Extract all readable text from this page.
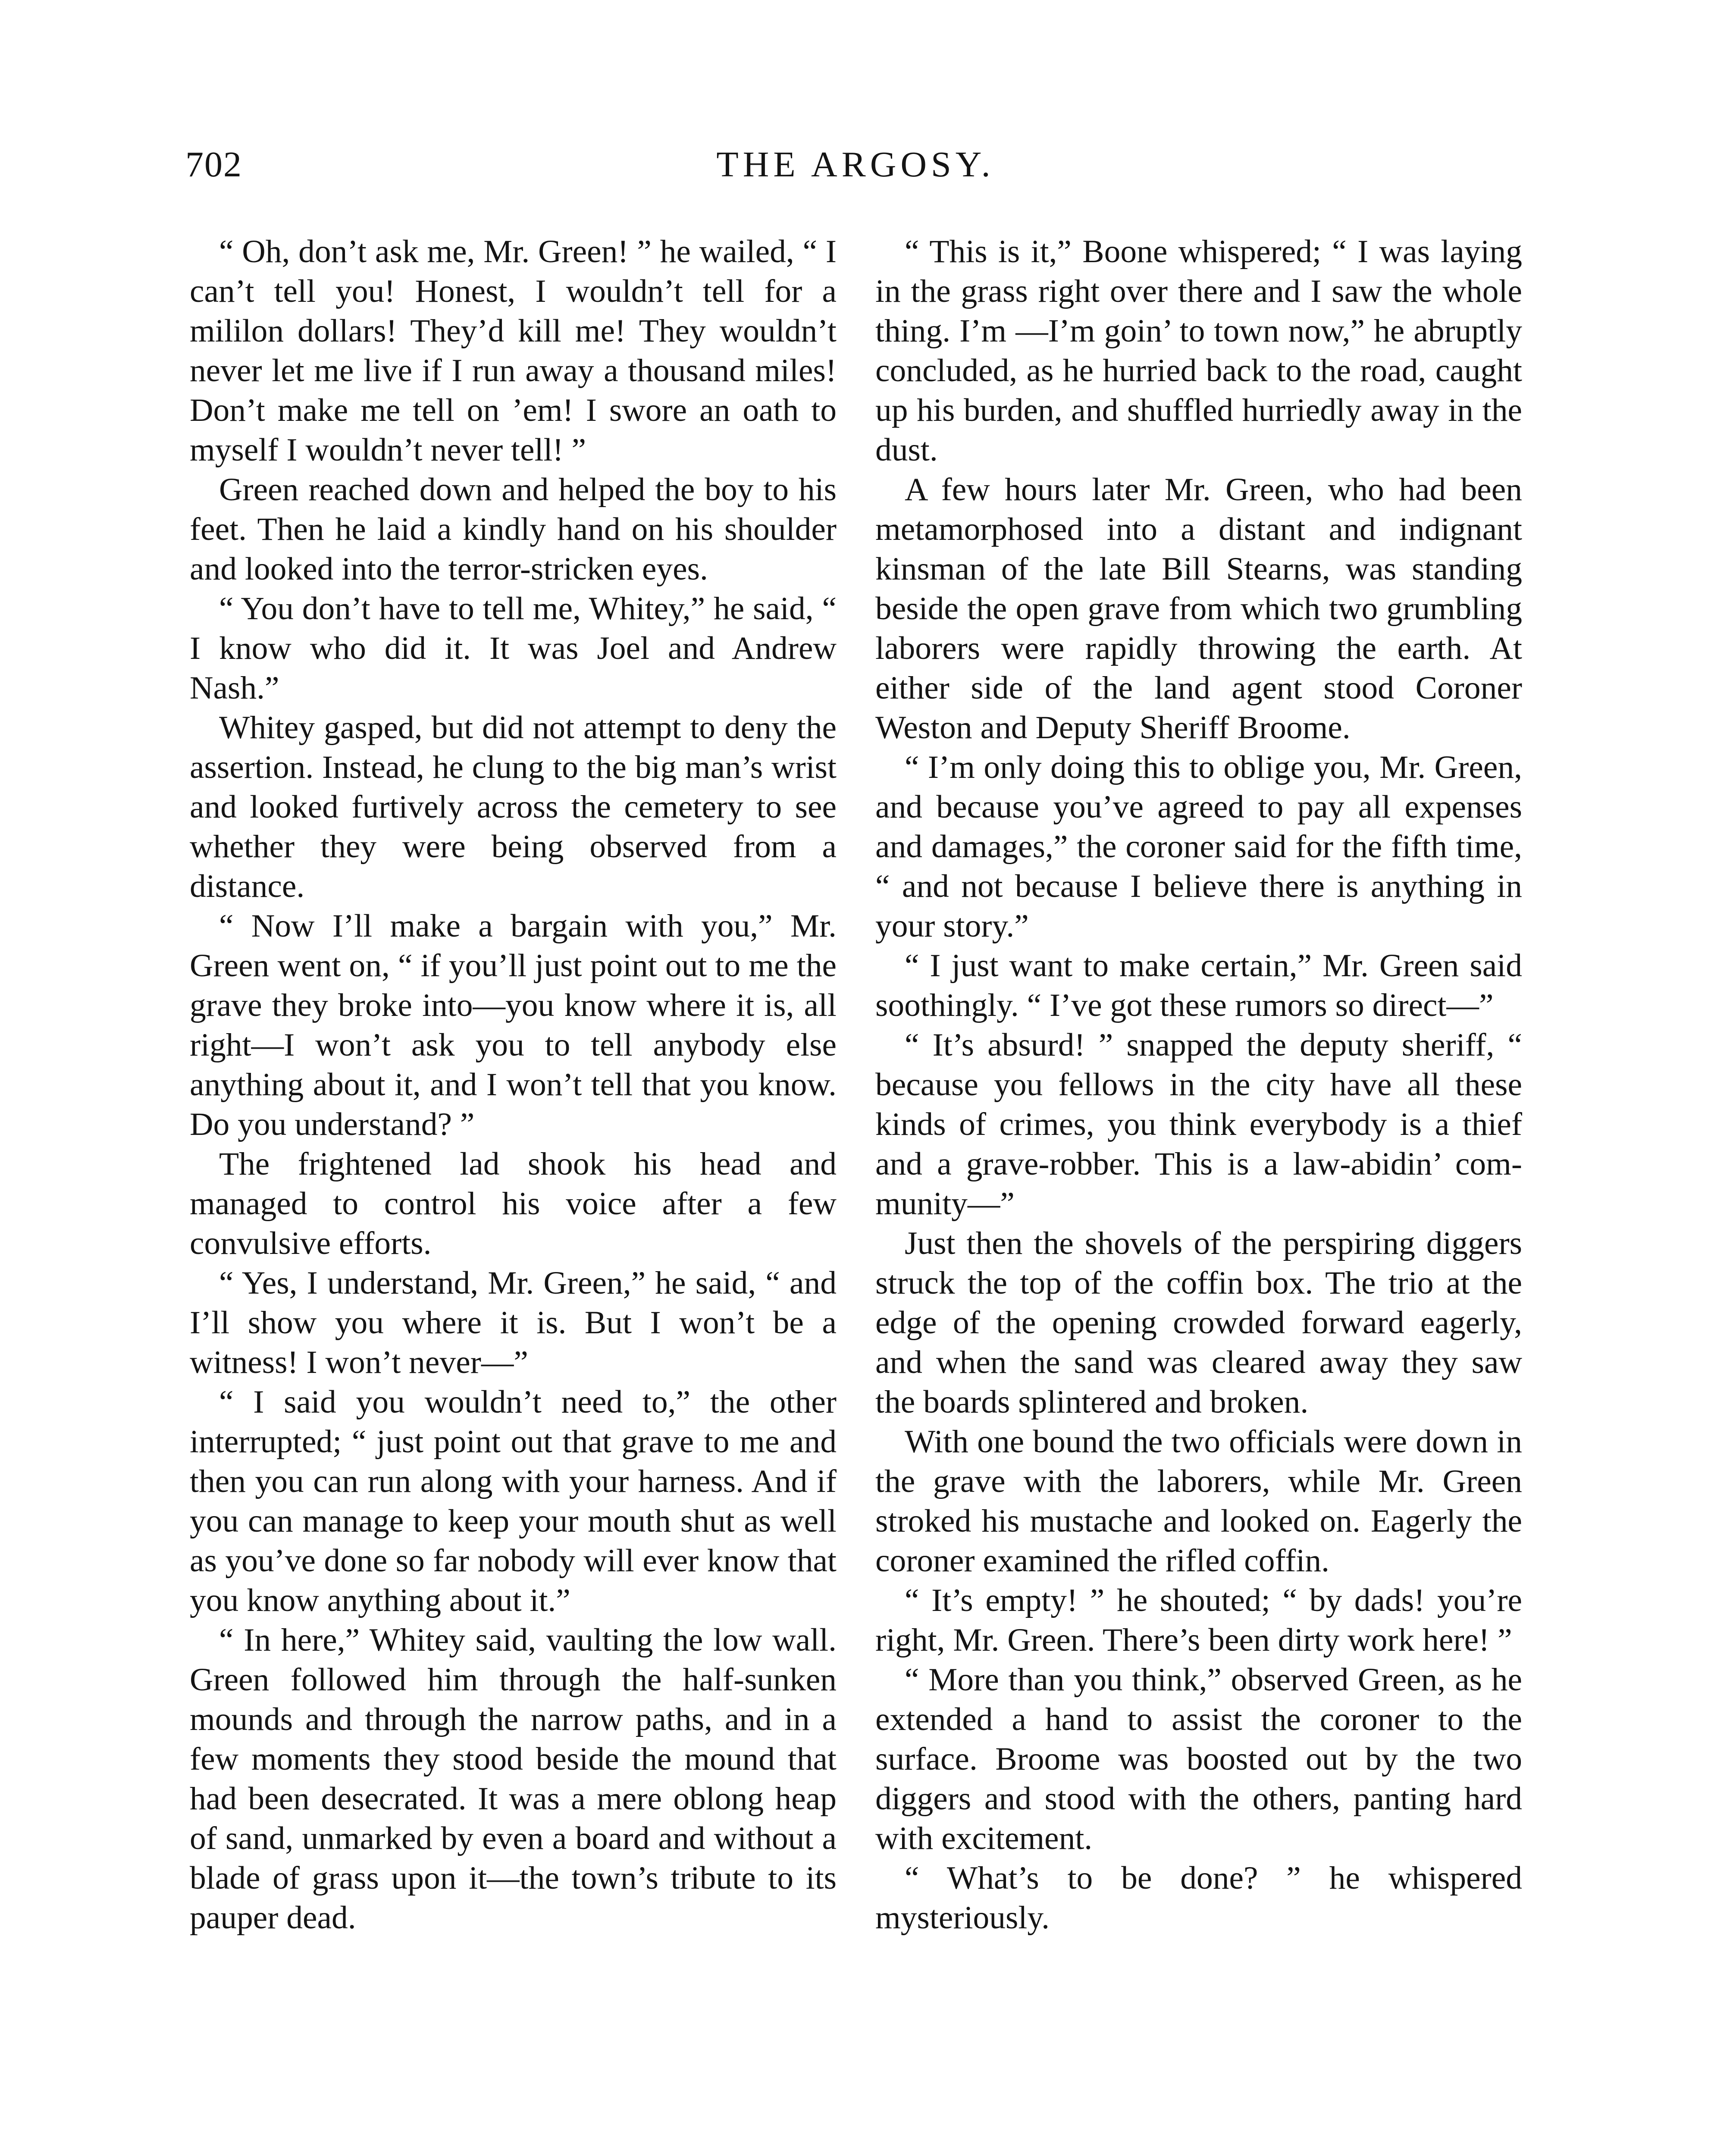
702	THE ARGOSY.

“ Oh, don’t ask me, Mr. Green! ” he wailed, “ I can’t tell you! Honest, I wouldn’t tell for a mililon dollars! They’d kill me! They wouldn’t never let me live if I run away a thousand miles! Don’t make me tell on ’em! I swore an oath to myself I wouldn’t never tell! ”

Green reached down and helped the boy to his feet. Then he laid a kindly hand on his shoulder and looked into the terror-stricken eyes.

“ You don’t have to tell me, Whitey,” he said, “ I know who did it. It was Joel and Andrew Nash.”

Whitey gasped, but did not attempt to deny the assertion. Instead, he clung to the big man’s wrist and looked furtively across the cemetery to see whether they were being observed from a distance.

“ Now I’ll make a bargain with you,” Mr. Green went on, “ if you’ll just point out to me the grave they broke into—you know where it is, all right—I won’t ask you to tell anybody else anything about it, and I won’t tell that you know. Do you understand? ”

The frightened lad shook his head and managed to control his voice after a few convulsive efforts.

“ Yes, I understand, Mr. Green,” he said, “ and I’ll show you where it is. But I won’t be a witness! I won’t never—”

“ I said you wouldn’t need to,” the other interrupted; “ just point out that grave to me and then you can run along with your harness. And if you can manage to keep your mouth shut as well as you’ve done so far nobody will ever know that you know anything about it.”

“ In here,” Whitey said, vaulting the low wall. Green followed him through the half-sunken mounds and through the narrow paths, and in a few moments they stood beside the mound that had been desecrated. It was a mere oblong heap of sand, unmarked by even a board and without a blade of grass upon it—the town’s tribute to its pauper dead.

“ This is it,” Boone whispered; “ I was laying in the grass right over there and I saw the whole thing. I’m —I’m goin’ to town now,” he abruptly concluded, as he hurried back to the road, caught up his burden, and shuffled hurriedly away in the dust.

A few hours later Mr. Green, who had been metamorphosed into a distant and indignant kinsman of the late Bill Stearns, was standing beside the open grave from which two grumbling laborers were rapidly throwing the earth. At either side of the land agent stood Coroner Weston and Deputy Sheriff Broome.

“ I’m only doing this to oblige you, Mr. Green, and because you’ve agreed to pay all expenses and damages,” the coroner said for the fifth time, “ and not because I believe there is anything in your story.”

“ I just want to make certain,” Mr. Green said soothingly. “ I’ve got these rumors so direct—”

“ It’s absurd! ” snapped the deputy sheriff, “ because you fellows in the city have all these kinds of crimes, you think everybody is a thief and a grave-robber. This is a law-abidin’ community—”

Just then the shovels of the perspiring diggers struck the top of the coffin box. The trio at the edge of the opening crowded forward eagerly, and when the sand was cleared away they saw the boards splintered and broken.

With one bound the two officials were down in the grave with the laborers, while Mr. Green stroked his mustache and looked on. Eagerly the coroner examined the rifled coffin.

“ It’s empty! ” he shouted; “ by dads! you’re right, Mr. Green. There’s been dirty work here! ”

“ More than you think,” observed Green, as he extended a hand to assist the coroner to the surface. Broome was boosted out by the two diggers and stood with the others, panting hard with excitement.

“ What’s to be done? ” he whispered mysteriously.
